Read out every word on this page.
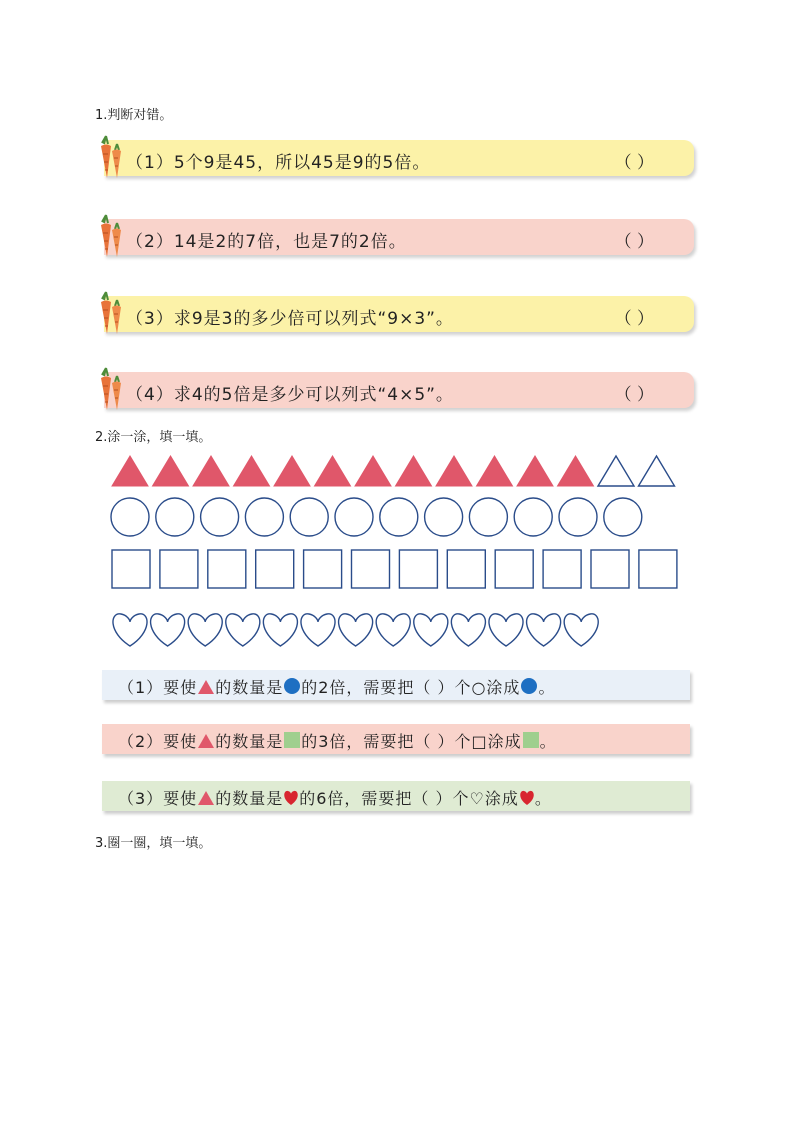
1.判断对错。
（1）5个9是45，所以45是9的5倍。	（ ）
（2）14是2的7倍，也是7的2倍。	（ ）
（3）求9是3的多少倍可以列式“9×3”。	（ ）
（4）求4的5倍是多少可以列式“4×5”。	（ ）
2.涂一涂，填一填。
（1）要使 的数量是 的2倍，需要把（ ）个○涂成 。
（2）要使 的数量是 的3倍，需要把（ ）个□涂成 。
（3）要使 的数量是 的6倍，需要把（ ）个♡涂成 。
3.圈一圈，填一填。
